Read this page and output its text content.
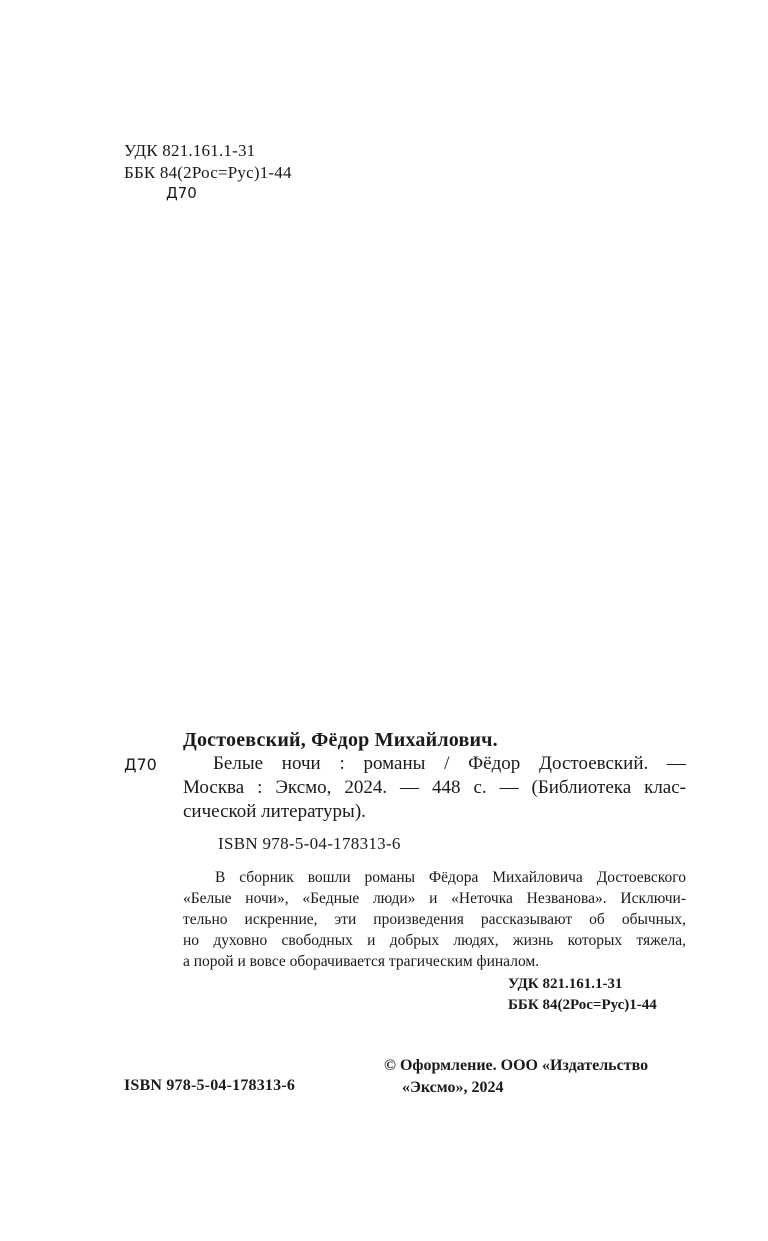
УДК 821.161.1-31
ББК 84(2Рос=Рус)1-44
Д70
Достоевский, Фёдор Михайлович.
Д70	Белые ночи : романы / Фёдор Достоевский. —
Москва : Эксмо, 2024. — 448 с. — (Библиотека клас-
сической литературы).
ISBN 978-5-04-178313-6
В сборник вошли романы Фёдора Михайловича Достоевского
«Белые ночи», «Бедные люди» и «Неточка Незванова». Исключи-
тельно искренние, эти произведения рассказывают об обычных,
но духовно свободных и добрых людях, жизнь которых тяжела,
а порой и вовсе оборачивается трагическим финалом.
УДК 821.161.1-31
ББК 84(2Рос=Рус)1-44
© Оформление. ООО «Издательство
«Эксмо», 2024
ISBN 978-5-04-178313-6
